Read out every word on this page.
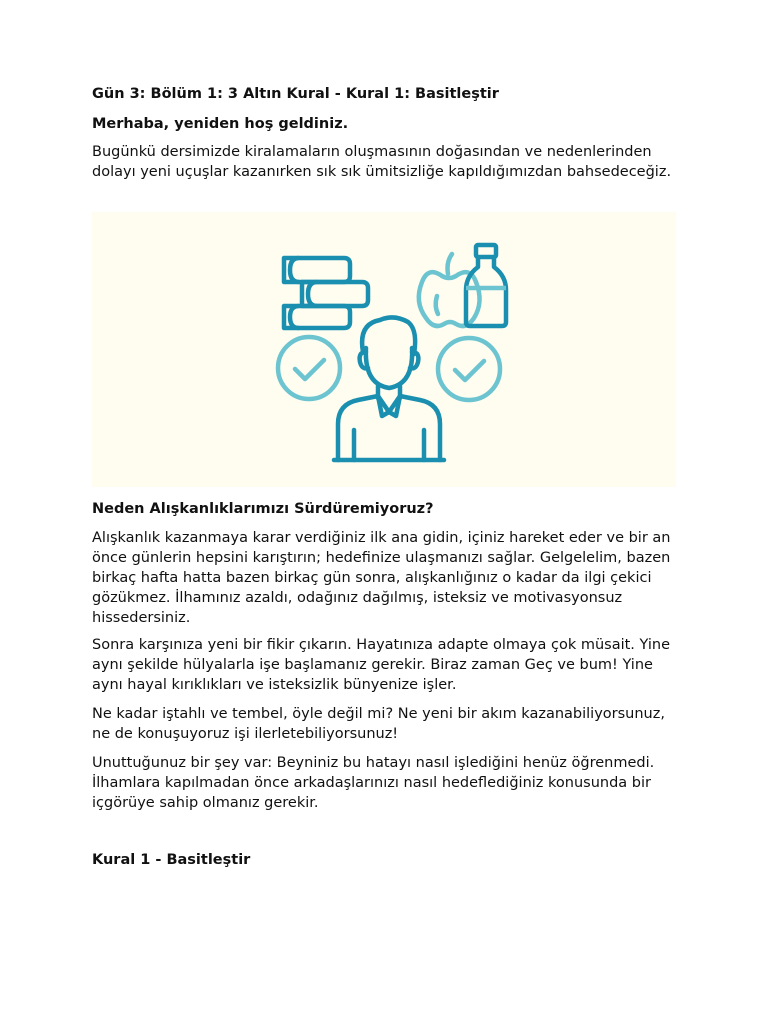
Gün 3: Bölüm 1: 3 Altın Kural - Kural 1: Basitleştir
Merhaba, yeniden hoş geldiniz.

Bugünkü dersimizde kiralamaların oluşmasının doğasından ve nedenlerinden dolayı yeni uçuşlar kazanırken sık sık ümitsizliğe kapıldığımızdan bahsedeceğiz.

Neden Alışkanlıklarımızı Sürdüremiyoruz?

Alışkanlık kazanmaya karar verdiğiniz ilk ana gidin, içiniz hareket eder ve bir an önce günlerin hepsini karıştırın; hedefinize ulaşmanızı sağlar. Gelgelelim, bazen birkaç hafta hatta bazen birkaç gün sonra, alışkanlığınız o kadar da ilgi çekici gözükmez. İlhamınız azaldı, odağınız dağılmış, isteksiz ve motivasyonsuz hissedersiniz.

Sonra karşınıza yeni bir fikir çıkarın. Hayatınıza adapte olmaya çok müsait. Yine aynı şekilde hülyalarla işe başlamanız gerekir. Biraz zaman Geç ve bum! Yine aynı hayal kırıklıkları ve isteksizlik bünyenize işler.

Ne kadar iştahlı ve tembel, öyle değil mi? Ne yeni bir akım kazanabiliyorsunuz, ne de konuşuyoruz işi ilerletebiliyorsunuz!

Unuttuğunuz bir şey var: Beyniniz bu hatayı nasıl işlediğini henüz öğrenmedi. İlhamlara kapılmadan önce arkadaşlarınızı nasıl hedeflediğiniz konusunda bir içgörüye sahip olmanız gerekir.

Kural 1 - Basitleştir
